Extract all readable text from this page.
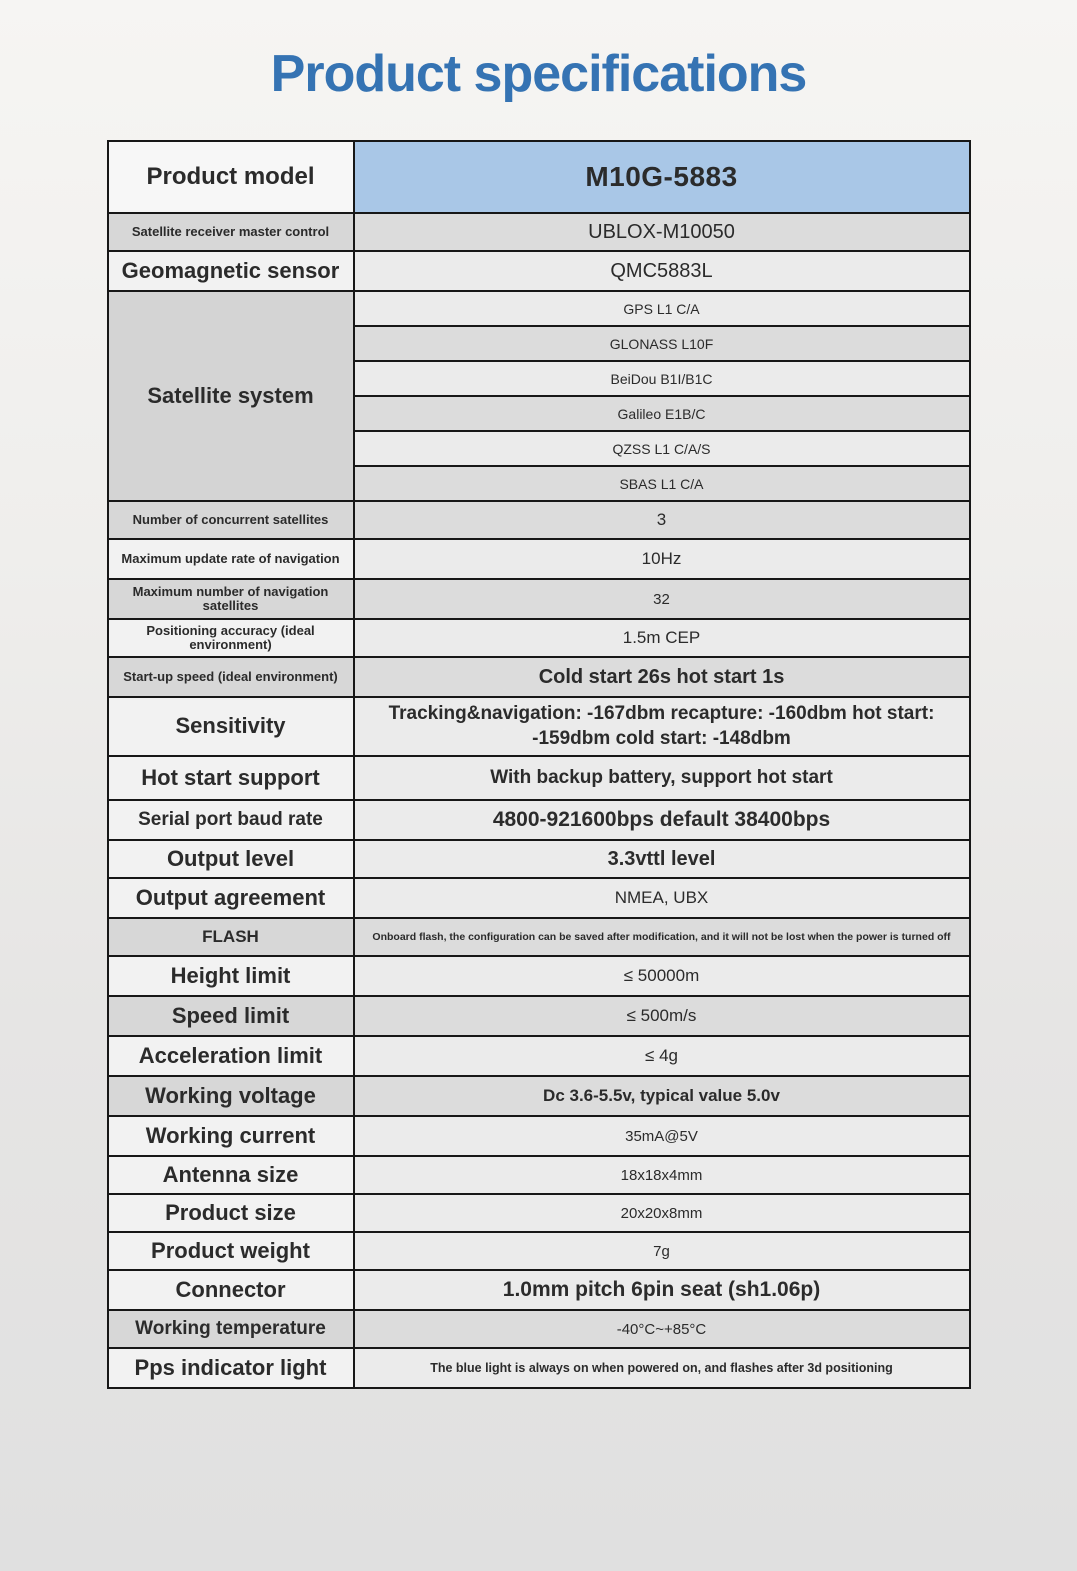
Product specifications
Product model	M10G-5883
Satellite receiver master control	UBLOX-M10050
Geomagnetic sensor	QMC5883L
Satellite system	GPS L1 C/A
	GLONASS L10F
	BeiDou B1I/B1C
	Galileo E1B/C
	QZSS L1 C/A/S
	SBAS L1 C/A
Number of concurrent satellites	3
Maximum update rate of navigation	10Hz
Maximum number of navigation satellites	32
Positioning accuracy (ideal environment)	1.5m CEP
Start-up speed (ideal environment)	Cold start 26s hot start 1s
Sensitivity	Tracking&navigation: -167dbm recapture: -160dbm hot start: -159dbm cold start: -148dbm
Hot start support	With backup battery, support hot start
Serial port baud rate	4800-921600bps default 38400bps
Output level	3.3vttl level
Output agreement	NMEA, UBX
FLASH	Onboard flash, the configuration can be saved after modification, and it will not be lost when the power is turned off
Height limit	≤ 50000m
Speed limit	≤ 500m/s
Acceleration limit	≤ 4g
Working voltage	Dc 3.6-5.5v, typical value 5.0v
Working current	35mA@5V
Antenna size	18x18x4mm
Product size	20x20x8mm
Product weight	7g
Connector	1.0mm pitch 6pin seat (sh1.06p)
Working temperature	-40°C~+85°C
Pps indicator light	The blue light is always on when powered on, and flashes after 3d positioning
